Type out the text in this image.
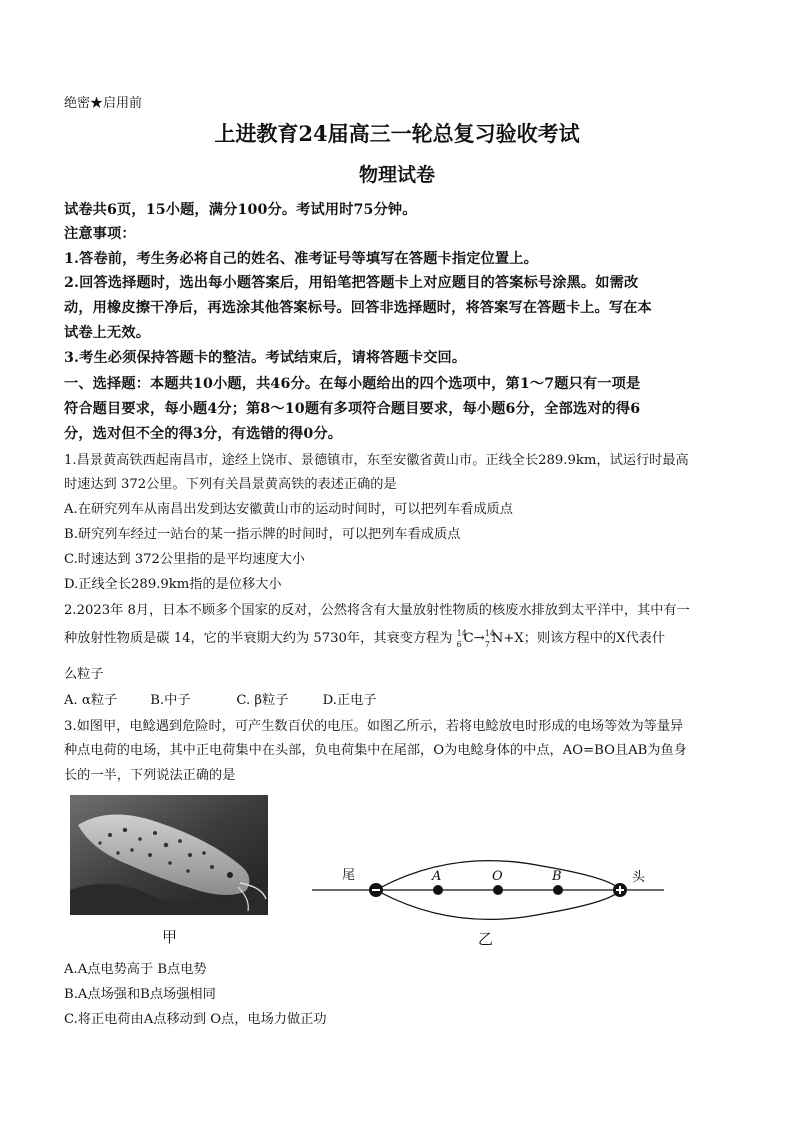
绝密★启用前
上进教育24届高三一轮总复习验收考试
物理试卷
试卷共6页，15小题，满分100分。考试用时75分钟。
注意事项：
1.答卷前，考生务必将自己的姓名、准考证号等填写在答题卡指定位置上。
2.回答选择题时，选出每小题答案后，用铅笔把答题卡上对应题目的答案标号涂黑。如需改
动，用橡皮擦干净后，再选涂其他答案标号。回答非选择题时，将答案写在答题卡上。写在本
试卷上无效。
3.考生必须保持答题卡的整洁。考试结束后，请将答题卡交回。
一、选择题：本题共10小题，共46分。在每小题给出的四个选项中，第1～7题只有一项是
符合题目要求，每小题4分；第8～10题有多项符合题目要求，每小题6分，全部选对的得6
分，选对但不全的得3分，有选错的得0分。
1.昌景黄高铁西起南昌市，途经上饶市、景德镇市，东至安徽省黄山市。正线全长289.9km，试运行时最高
时速达到 372公里。下列有关昌景黄高铁的表述正确的是
A.在研究列车从南昌出发到达安徽黄山市的运动时间时，可以把列车看成质点
B.研究列车经过一站台的某一指示牌的时间时，可以把列车看成质点
C.时速达到 372公里指的是平均速度大小
D.正线全长289.9km指的是位移大小
2.2023年 8月，日本不顾多个国家的反对，公然将含有大量放射性物质的核废水排放到太平洋中，其中有一
种放射性物质是碳 14，它的半衰期大约为 5730年，其衰变方程为 14
6 C→ 14
7 N+X；则该方程中的X代表什
么粒子
A. α粒子	B.中子	C. β粒子	D.正电子
3.如图甲，电鲶遇到危险时，可产生数百伏的电压。如图乙所示，若将电鲶放电时形成的电场等效为等量异
种点电荷的电场，其中正电荷集中在头部，负电荷集中在尾部，O为电鲶身体的中点，AO=BO且AB为鱼身
长的一半，下列说法正确的是
甲
尾	头
A	O	B
乙
A.A点电势高于 B点电势
B.A点场强和B点场强相同
C.将正电荷由A点移动到 O点，电场力做正功
